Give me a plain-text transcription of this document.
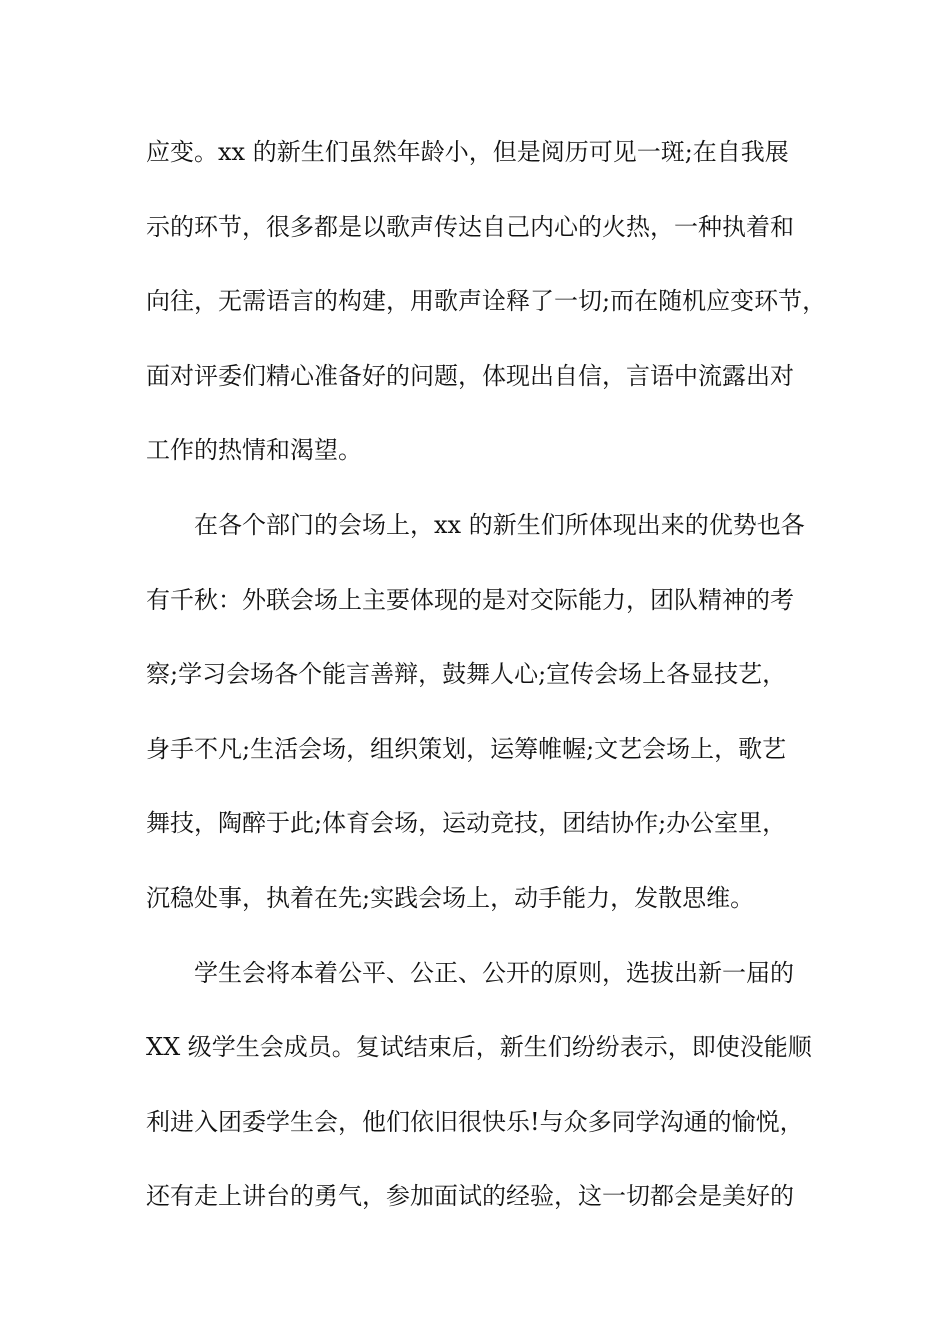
应变。xx 的新生们虽然年龄小，但是阅历可见一斑;在自我展
示的环节，很多都是以歌声传达自己内心的火热，一种执着和
向往，无需语言的构建，用歌声诠释了一切;而在随机应变环节，
面对评委们精心准备好的问题，体现出自信，言语中流露出对
工作的热情和渴望。
在各个部门的会场上，xx 的新生们所体现出来的优势也各
有千秋：外联会场上主要体现的是对交际能力，团队精神的考
察;学习会场各个能言善辩，鼓舞人心;宣传会场上各显技艺，
身手不凡;生活会场，组织策划，运筹帷幄;文艺会场上，歌艺
舞技，陶醉于此;体育会场，运动竞技，团结协作;办公室里，
沉稳处事，执着在先;实践会场上，动手能力，发散思维。
学生会将本着公平、公正、公开的原则，选拔出新一届的
XX 级学生会成员。复试结束后，新生们纷纷表示，即使没能顺
利进入团委学生会，他们依旧很快乐!与众多同学沟通的愉悦，
还有走上讲台的勇气，参加面试的经验，这一切都会是美好的
